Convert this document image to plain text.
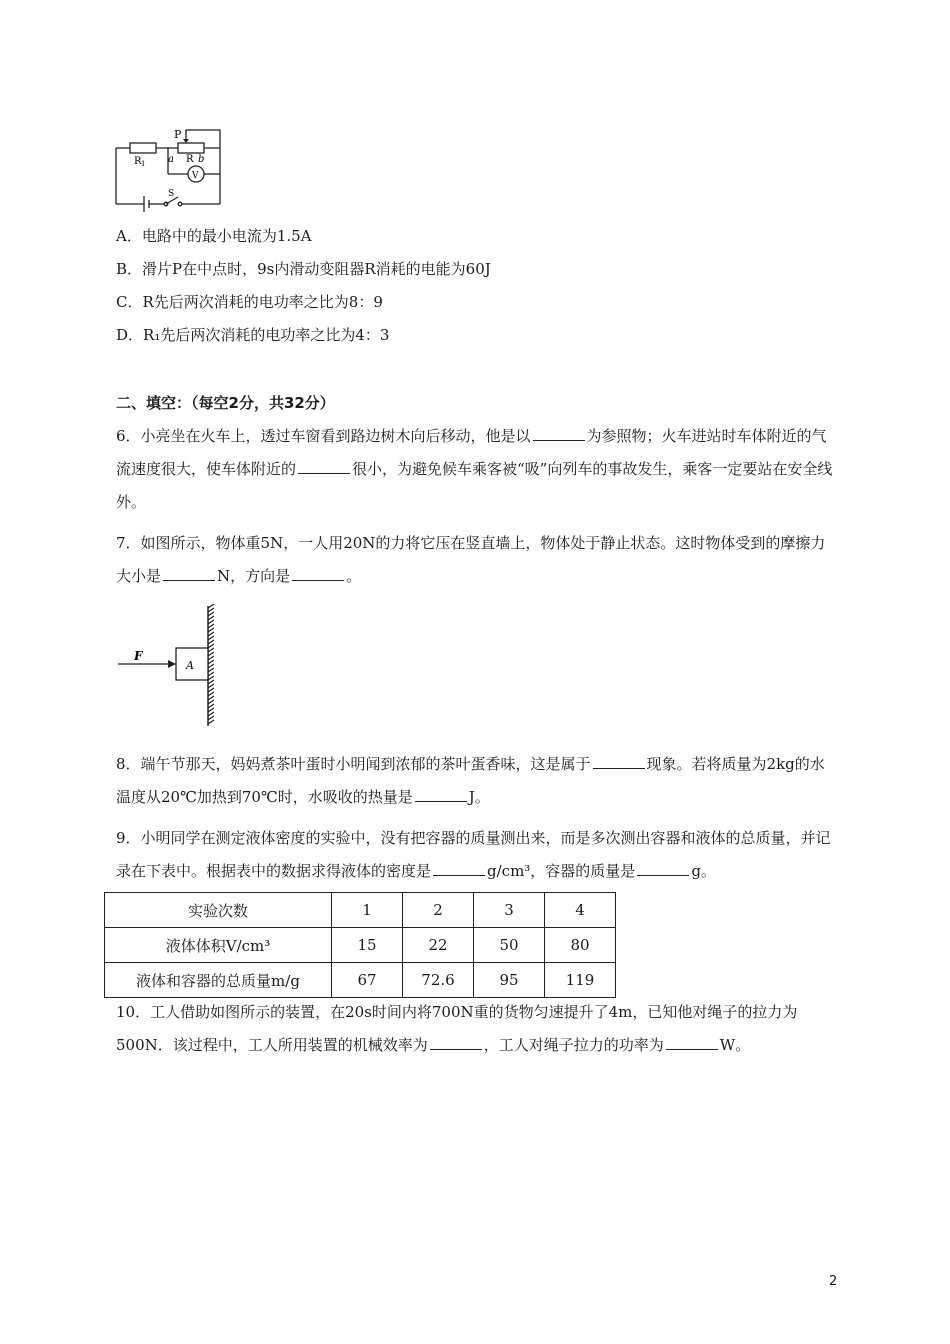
R 1
P
a R b
V
S
A．电路中的最小电流为1.5A
B．滑片P在中点时，9s内滑动变阻器R消耗的电能为60J
C．R先后两次消耗的电功率之比为8：9
D．R₁先后两次消耗的电功率之比为4：3
二、填空：（每空2分，共32分）
6．小亮坐在火车上，透过车窗看到路边树木向后移动，他是以	为参照物；火车进站时车体附近的气流速度很大，使车体附近的	很小，为避免候车乘客被“吸”向列车的事故发生，乘客一定要站在安全线外。
7．如图所示，物体重5N，一人用20N的力将它压在竖直墙上，物体处于静止状态。这时物体受到的摩擦力大小是	N，方向是	。
F
A
8．端午节那天，妈妈煮茶叶蛋时小明闻到浓郁的茶叶蛋香味，这是属于	现象。若将质量为2kg的水温度从20℃加热到70℃时，水吸收的热量是	J。
9．小明同学在测定液体密度的实验中，没有把容器的质量测出来，而是多次测出容器和液体的总质量，并记录在下表中。根据表中的数据求得液体的密度是	g/cm³，容器的质量是	g。
实验次数	1	2	3	4
液体体积V/cm³	15	22	50	80
液体和容器的总质量m/g	67	72.6	95	119
10．工人借助如图所示的装置，在20s时间内将700N重的货物匀速提升了4m，已知他对绳子的拉力为500N．该过程中，工人所用装置的机械效率为	，工人对绳子拉力的功率为	W。
2
